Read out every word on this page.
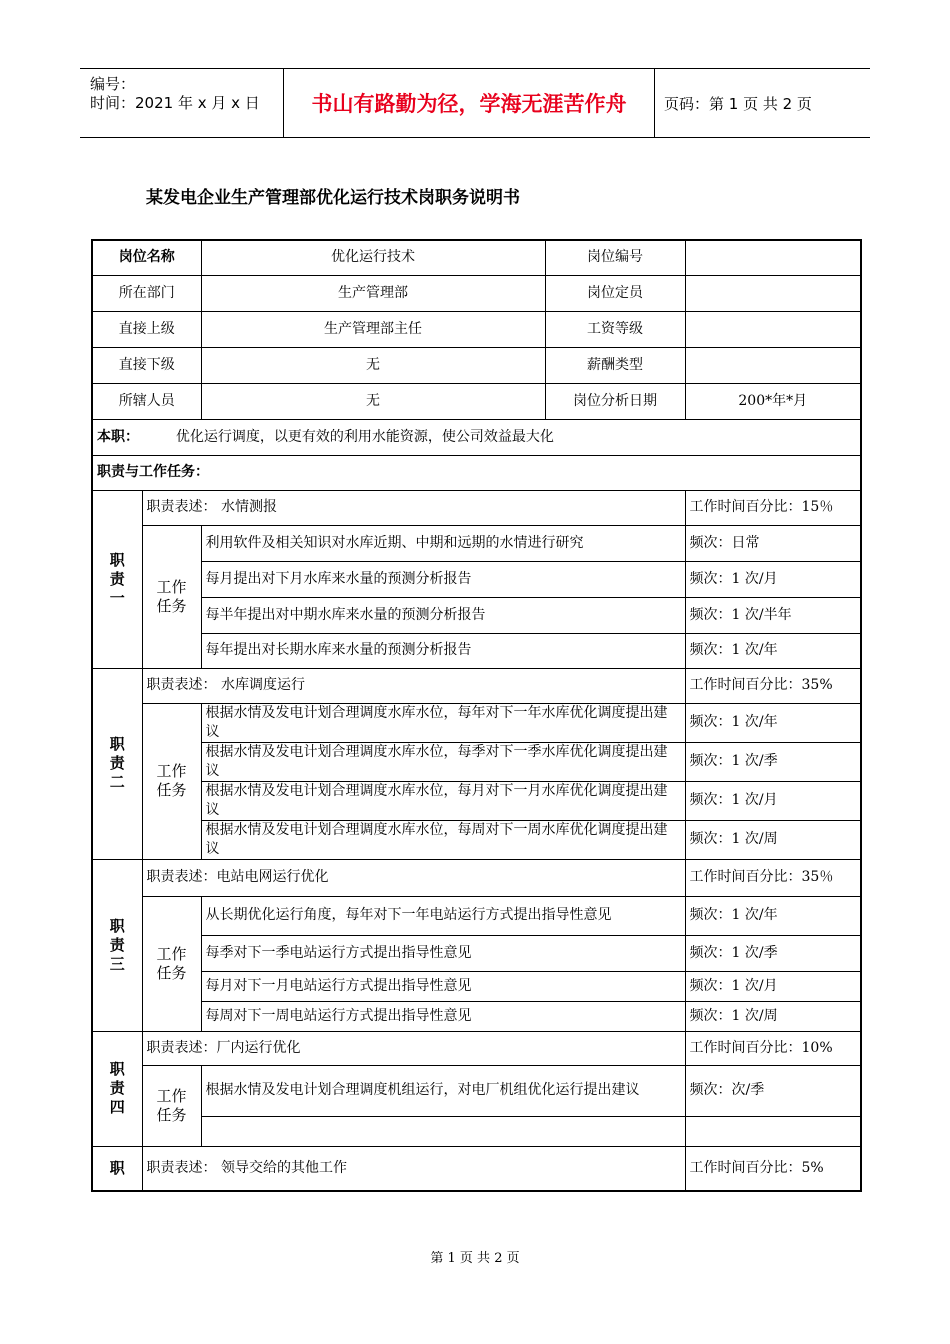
编号：
时间：2021 年 x 月 x 日	书山有路勤为径，学海无涯苦作舟	页码：第 1 页 共 2 页
某发电企业生产管理部优化运行技术岗职务说明书
岗位名称		优化运行技术	岗位编号	
所在部门		生产管理部	岗位定员	
直接上级		生产管理部主任	工资等级	
直接下级		无	薪酬类型	
所辖人员		无	岗位分析日期	200*年*月
本职： 优化运行调度，以更有效的利用水能资源，使公司效益最大化				
职责与工作任务：				
职责一	职责表述： 水情测报			工作时间百分比：15％
	工作任务	利用软件及相关知识对水库近期、中期和远期的水情进行研究		频次：日常
		每月提出对下月水库来水量的预测分析报告		频次：1 次/月
		每半年提出对中期水库来水量的预测分析报告		频次：1 次/半年
		每年提出对长期水库来水量的预测分析报告		频次：1 次/年
职责二	职责表述： 水库调度运行			工作时间百分比：35%
	工作任务	根据水情及发电计划合理调度水库水位，每年对下一年水库优化调度提出建议		频次：1 次/年
		根据水情及发电计划合理调度水库水位，每季对下一季水库优化调度提出建议		频次：1 次/季
		根据水情及发电计划合理调度水库水位，每月对下一月水库优化调度提出建议		频次：1 次/月
		根据水情及发电计划合理调度水库水位，每周对下一周水库优化调度提出建议		频次：1 次/周
职责三	职责表述：电站电网运行优化			工作时间百分比：35％
	工作任务	从长期优化运行角度，每年对下一年电站运行方式提出指导性意见		频次：1 次/年
		每季对下一季电站运行方式提出指导性意见		频次：1 次/季
		每月对下一月电站运行方式提出指导性意见		频次：1 次/月
		每周对下一周电站运行方式提出指导性意见		频次：1 次/周
职责四	职责表述：厂内运行优化			工作时间百分比：10%
	工作任务	根据水情及发电计划合理调度机组运行，对电厂机组优化运行提出建议		频次：次/季

职	职责表述： 领导交给的其他工作			工作时间百分比：5%
第 1 页 共 2 页
